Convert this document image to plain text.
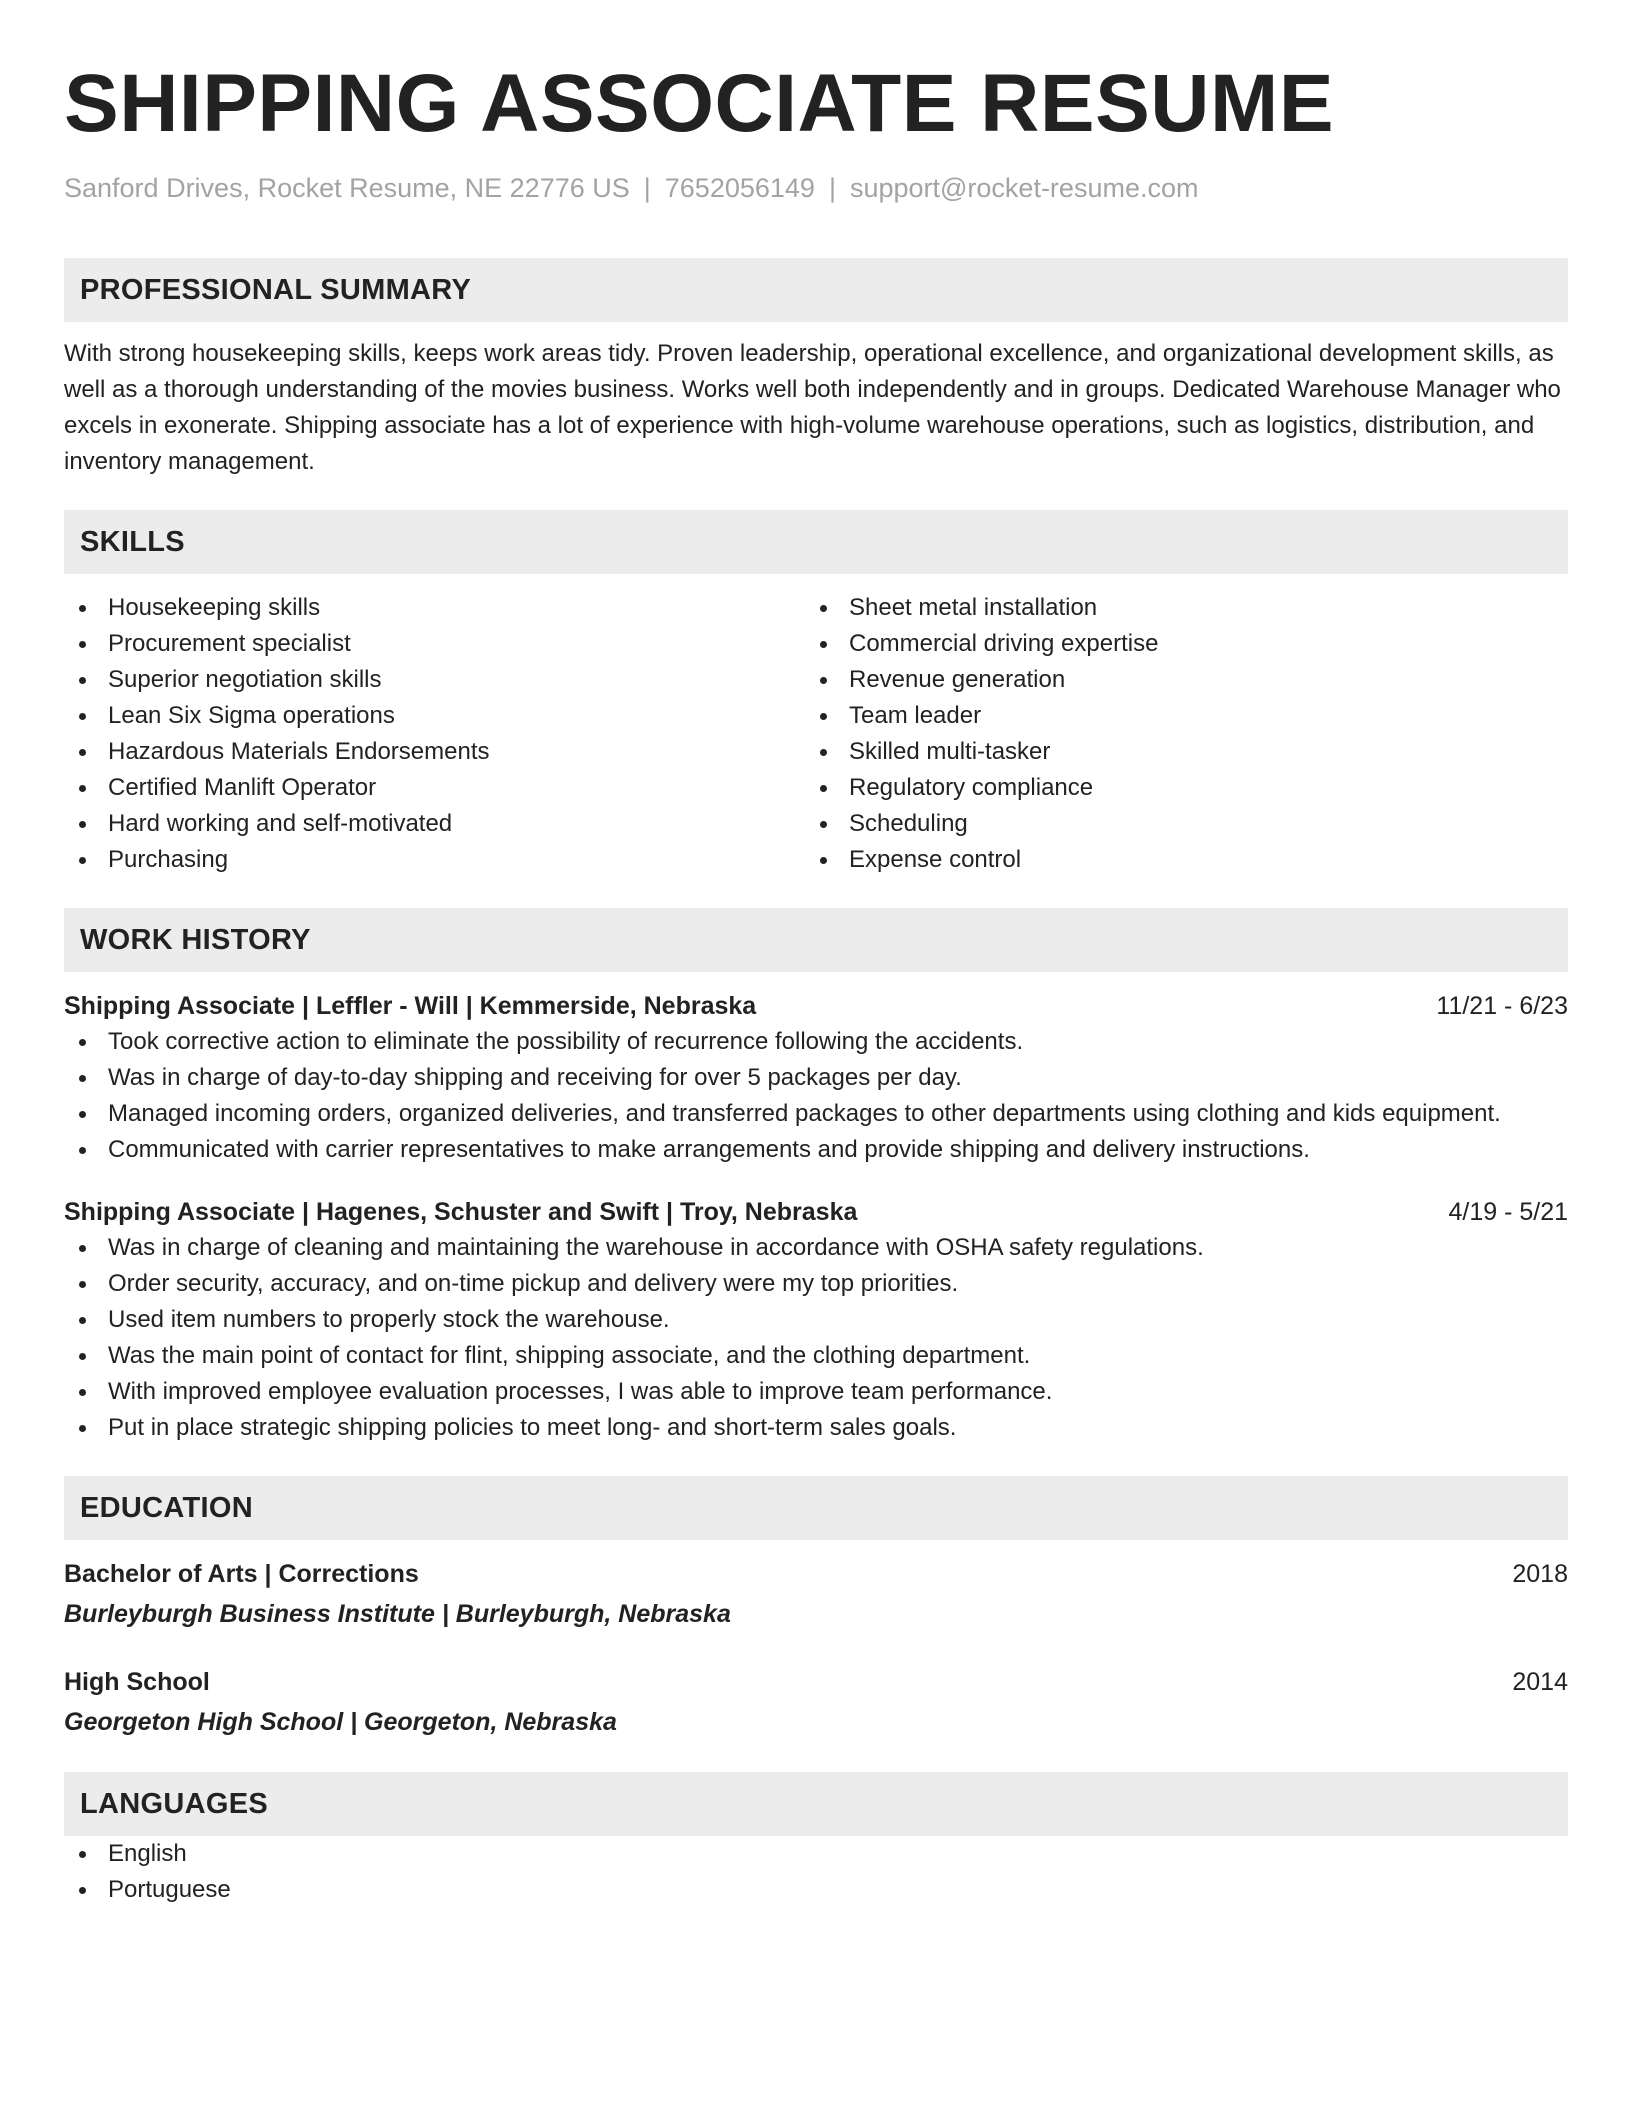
SHIPPING ASSOCIATE RESUME
Sanford Drives, Rocket Resume, NE 22776 US | 7652056149 | support@rocket-resume.com
PROFESSIONAL SUMMARY

With strong housekeeping skills, keeps work areas tidy. Proven leadership, operational excellence, and organizational development skills, as well as a thorough understanding of the movies business. Works well both independently and in groups. Dedicated Warehouse Manager who excels in exonerate. Shipping associate has a lot of experience with high-volume warehouse operations, such as logistics, distribution, and inventory management.

SKILLS
Housekeeping skills
Procurement specialist
Superior negotiation skills
Lean Six Sigma operations
Hazardous Materials Endorsements
Certified Manlift Operator
Hard working and self-motivated
Purchasing
Sheet metal installation
Commercial driving expertise
Revenue generation
Team leader
Skilled multi-tasker
Regulatory compliance
Scheduling
Expense control
WORK HISTORY
Shipping Associate | Leffler - Will | Kemmerside, Nebraska	11/21 - 6/23
Took corrective action to eliminate the possibility of recurrence following the accidents.
Was in charge of day-to-day shipping and receiving for over 5 packages per day.
Managed incoming orders, organized deliveries, and transferred packages to other departments using clothing and kids equipment.
Communicated with carrier representatives to make arrangements and provide shipping and delivery instructions.
Shipping Associate | Hagenes, Schuster and Swift | Troy, Nebraska	4/19 - 5/21
Was in charge of cleaning and maintaining the warehouse in accordance with OSHA safety regulations.
Order security, accuracy, and on-time pickup and delivery were my top priorities.
Used item numbers to properly stock the warehouse.
Was the main point of contact for flint, shipping associate, and the clothing department.
With improved employee evaluation processes, I was able to improve team performance.
Put in place strategic shipping policies to meet long- and short-term sales goals.
EDUCATION
Bachelor of Arts | Corrections	2018
Burleyburgh Business Institute | Burleyburgh, Nebraska
High School	2014
Georgeton High School | Georgeton, Nebraska
LANGUAGES
English
Portuguese
